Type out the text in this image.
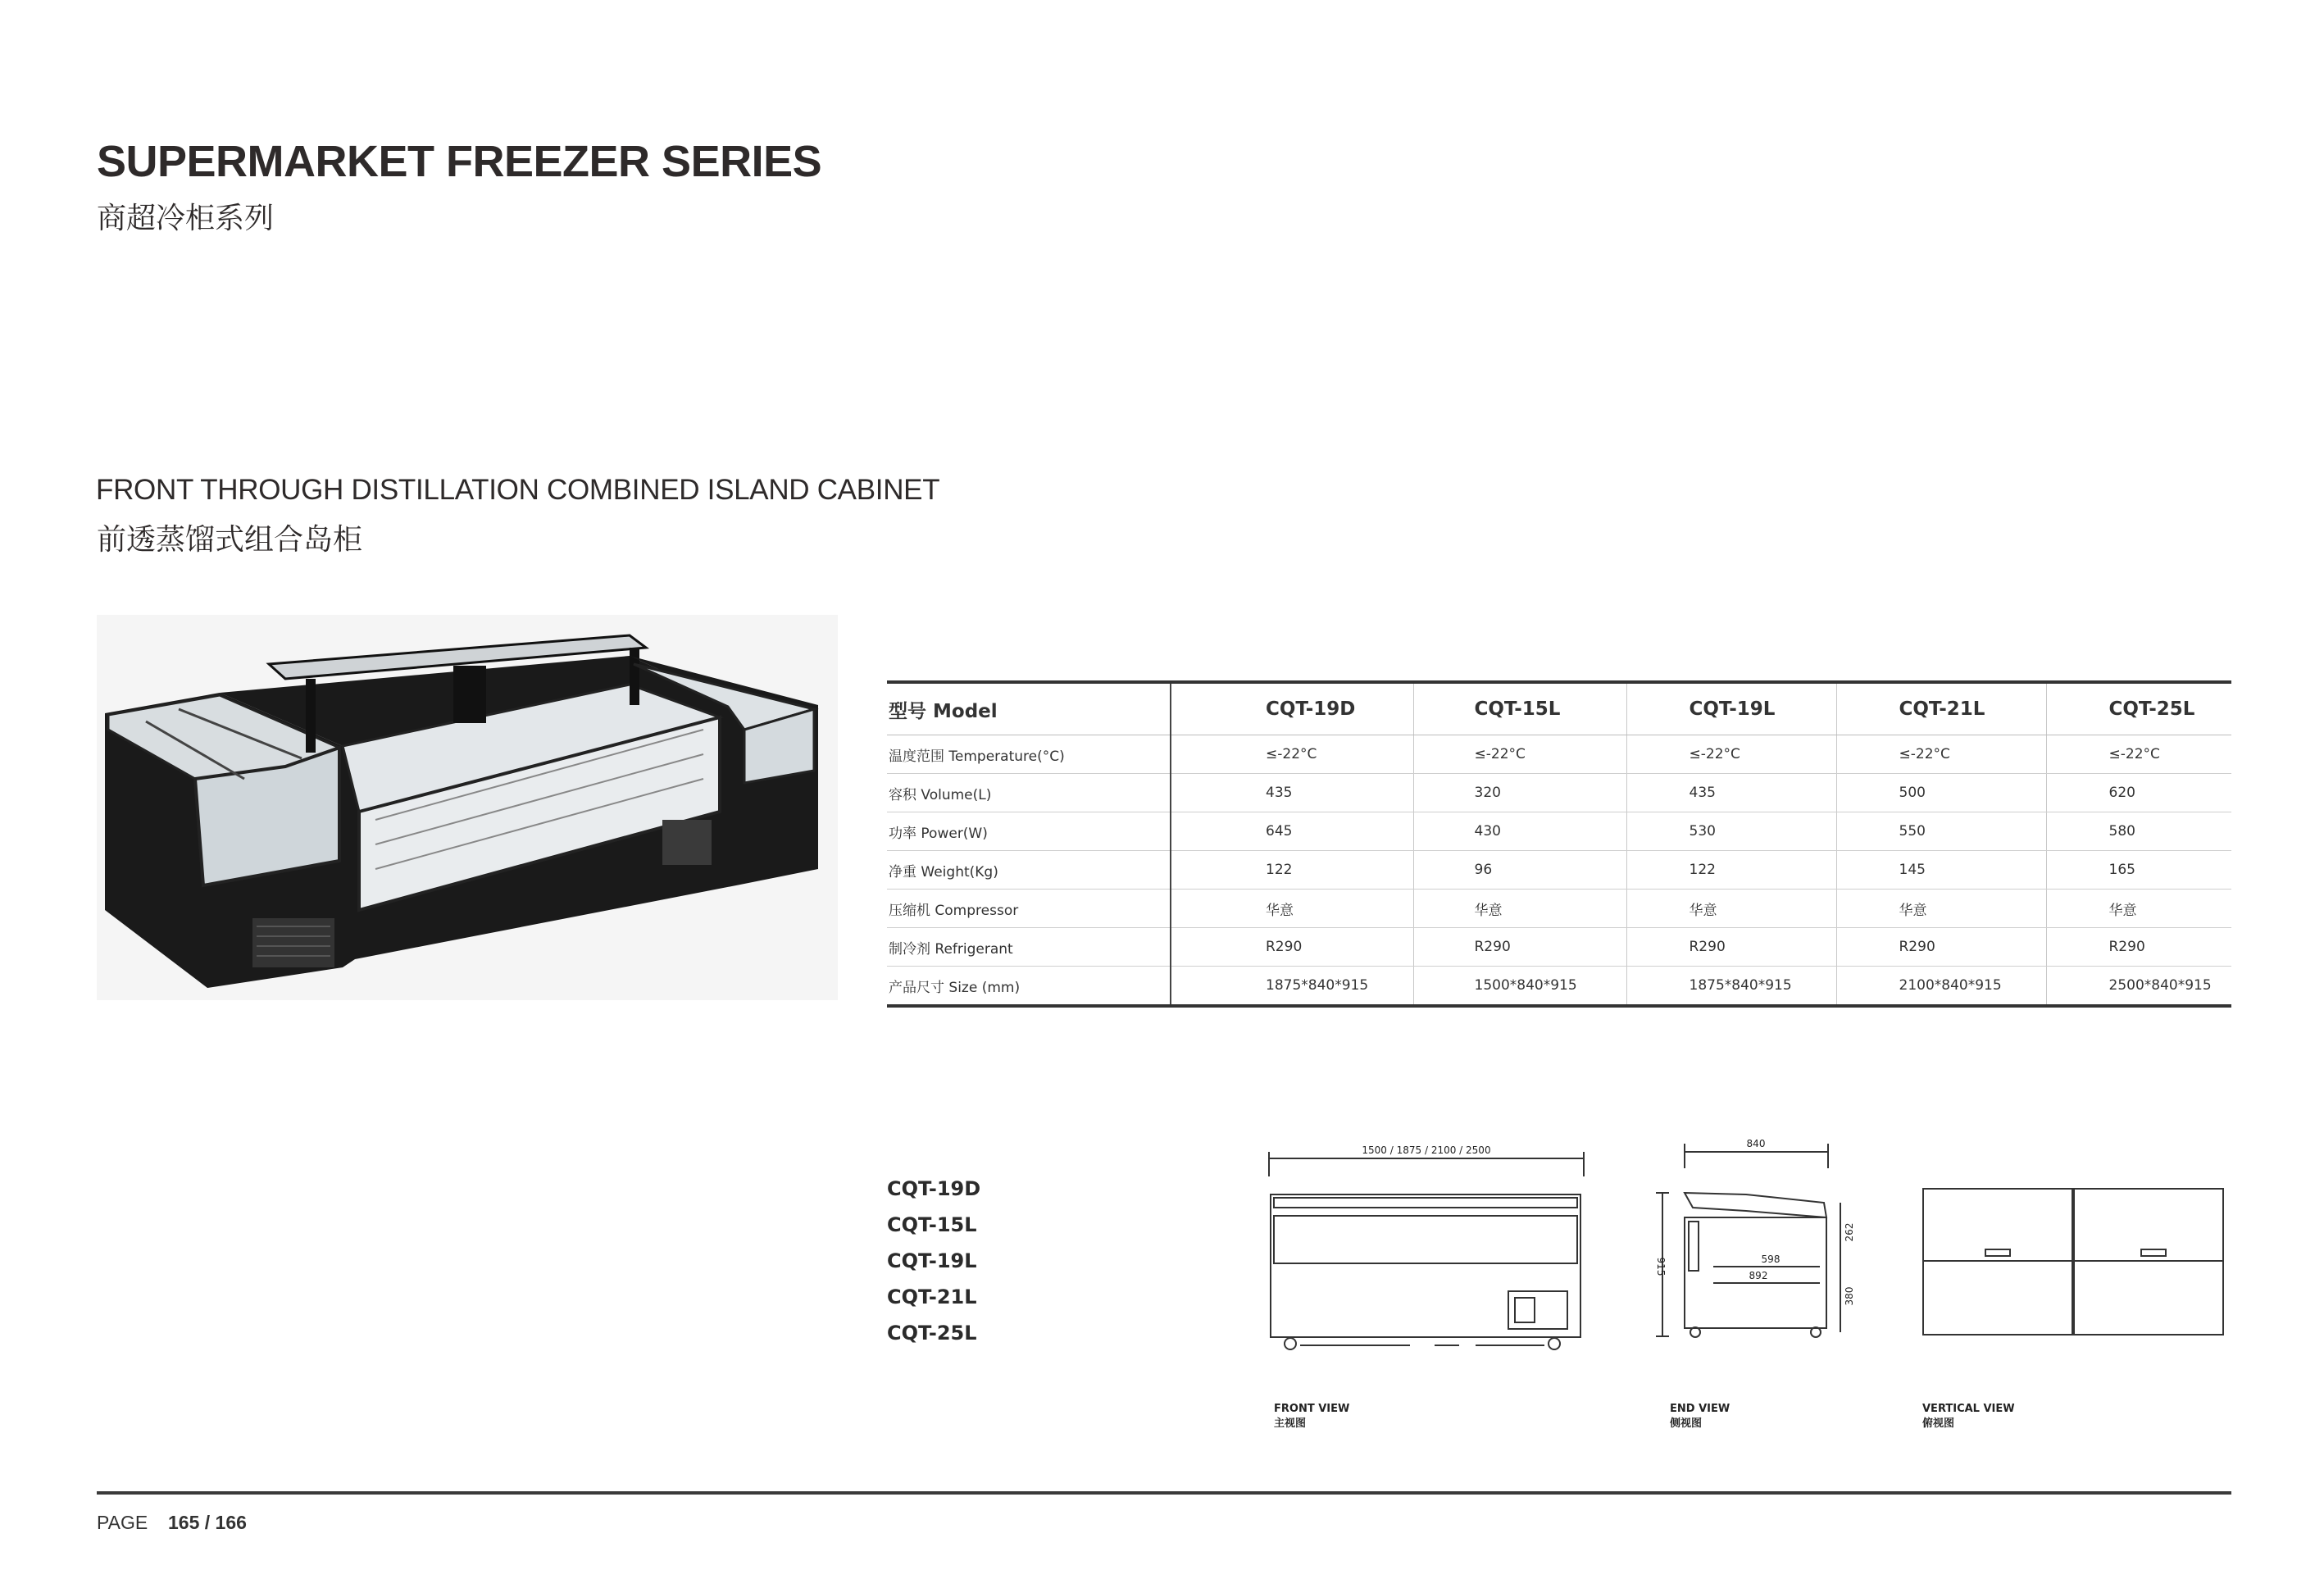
SUPERMARKET FREEZER SERIES
商超冷柜系列
FRONT THROUGH DISTILLATION COMBINED ISLAND CABINET
前透蒸馏式组合岛柜
型号 Model	CQT-19D	CQT-15L	CQT-19L	CQT-21L	CQT-25L
温度范围 Temperature(°C)	≤-22°C	≤-22°C	≤-22°C	≤-22°C	≤-22°C
容积 Volume(L)	435	320	435	500	620
功率 Power(W)	645	430	530	550	580
净重 Weight(Kg)	122	96	122	145	165
压缩机 Compressor	华意	华意	华意	华意	华意
制冷剂 Refrigerant	R290	R290	R290	R290	R290
产品尺寸 Size (mm)	1875*840*915	1500*840*915	1875*840*915	2100*840*915	2500*840*915
CQT-19D
CQT-15L
CQT-19L
CQT-21L
CQT-25L
1500 / 1875 / 2100 / 2500
FRONT VIEW
主视图
840
915
262
380
598
892
END VIEW
侧视图
VERTICAL VIEW
俯视图
PAGE 165 / 166
